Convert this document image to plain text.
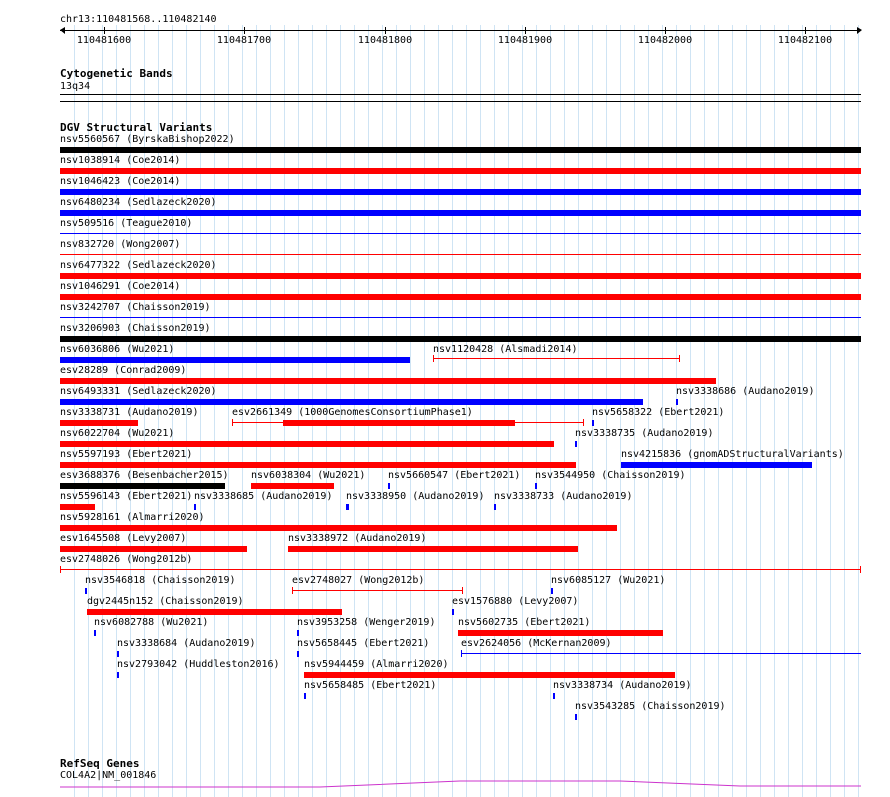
chr13:110481568..110482140
110481600	110481700	110481800	110481900	110482000	110482100
Cytogenetic Bands
13q34
DGV Structural Variants
nsv5560567 (ByrskaBishop2022)
nsv1038914 (Coe2014)
nsv1046423 (Coe2014)
nsv6480234 (Sedlazeck2020)
nsv509516 (Teague2010)
nsv832720 (Wong2007)
nsv6477322 (Sedlazeck2020)
nsv1046291 (Coe2014)
nsv3242707 (Chaisson2019)
nsv3206903 (Chaisson2019)
nsv6036806 (Wu2021)	nsv1120428 (Alsmadi2014)
esv28289 (Conrad2009)
nsv6493331 (Sedlazeck2020)	nsv3338686 (Audano2019)
nsv3338731 (Audano2019)	esv2661349 (1000GenomesConsortiumPhase1)	nsv5658322 (Ebert2021)
nsv6022704 (Wu2021)	nsv3338735 (Audano2019)
nsv5597193 (Ebert2021)	nsv4215836 (gnomADStructuralVariants)
esv3688376 (Besenbacher2015) nsv6038304 (Wu2021) nsv5660547 (Ebert2021) nsv3544950 (Chaisson2019)
nsv5596143 (Ebert2021) nsv3338685 (Audano2019) nsv3338950 (Audano2019) nsv3338733 (Audano2019)
nsv5928161 (Almarri2020)
esv1645508 (Levy2007)	nsv3338972 (Audano2019)
esv2748026 (Wong2012b)
nsv3546818 (Chaisson2019)	esv2748027 (Wong2012b)	nsv6085127 (Wu2021)
dgv2445n152 (Chaisson2019)	esv1576880 (Levy2007)
nsv6082788 (Wu2021)	nsv3953258 (Wenger2019) nsv5602735 (Ebert2021)
nsv3338684 (Audano2019)	nsv5658445 (Ebert2021)	esv2624056 (McKernan2009)
nsv2793042 (Huddleston2016) nsv5944459 (Almarri2020)
nsv5658485 (Ebert2021)	nsv3338734 (Audano2019)
nsv3543285 (Chaisson2019)
RefSeq Genes
COL4A2|NM_001846
